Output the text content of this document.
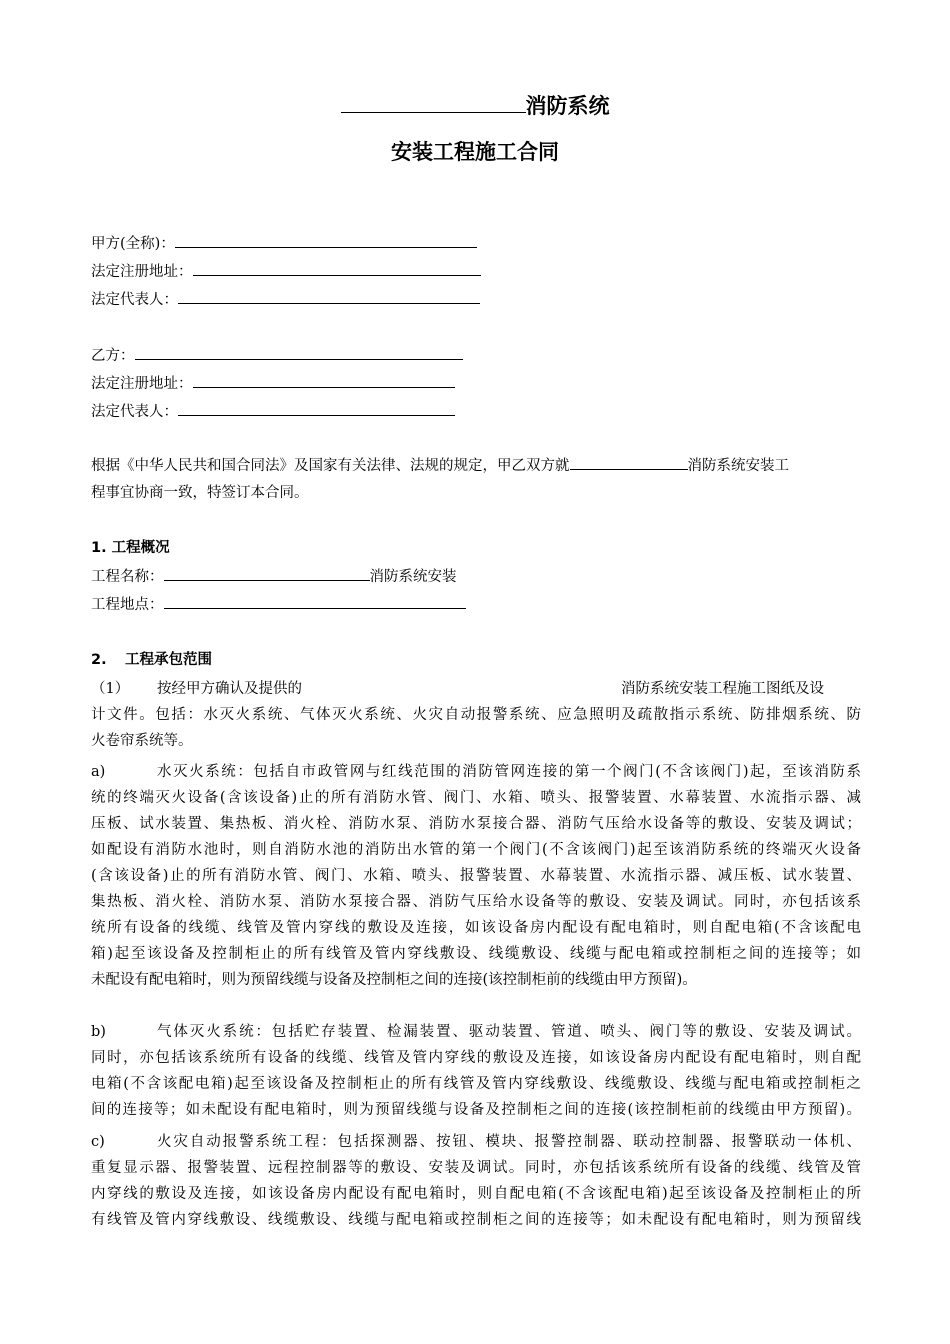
消防系统
安装工程施工合同
甲方(全称)：
法定注册地址：
法定代表人：
乙方：
法定注册地址：
法定代表人：
根据《中华人民共和国合同法》及国家有关法律、法规的规定，甲乙双方就	消防系统安装工
程事宜协商一致，特签订本合同。
1. 工程概况
工程名称：	消防系统安装
工程地点：
2. 工程承包范围
（1） 按经甲方确认及提供的	消防系统安装工程施工图纸及设
计文件。包括：水灭火系统、气体灭火系统、火灾自动报警系统、应急照明及疏散指示系统、防排烟系统、防
火卷帘系统等。
a)	水灭火系统：包括自市政管网与红线范围的消防管网连接的第一个阀门(不含该阀门)起，至该消防系
统的终端灭火设备(含该设备)止的所有消防水管、阀门、水箱、喷头、报警装置、水幕装置、水流指示器、减
压板、试水装置、集热板、消火栓、消防水泵、消防水泵接合器、消防气压给水设备等的敷设、安装及调试；
如配设有消防水池时，则自消防水池的消防出水管的第一个阀门(不含该阀门)起至该消防系统的终端灭火设备
(含该设备)止的所有消防水管、阀门、水箱、喷头、报警装置、水幕装置、水流指示器、减压板、试水装置、
集热板、消火栓、消防水泵、消防水泵接合器、消防气压给水设备等的敷设、安装及调试。同时，亦包括该系
统所有设备的线缆、线管及管内穿线的敷设及连接，如该设备房内配设有配电箱时，则自配电箱(不含该配电
箱)起至该设备及控制柜止的所有线管及管内穿线敷设、线缆敷设、线缆与配电箱或控制柜之间的连接等；如
未配设有配电箱时，则为预留线缆与设备及控制柜之间的连接(该控制柜前的线缆由甲方预留)。
b)	气体灭火系统：包括贮存装置、检漏装置、驱动装置、管道、喷头、阀门等的敷设、安装及调试。
同时，亦包括该系统所有设备的线缆、线管及管内穿线的敷设及连接，如该设备房内配设有配电箱时，则自配
电箱(不含该配电箱)起至该设备及控制柜止的所有线管及管内穿线敷设、线缆敷设、线缆与配电箱或控制柜之
间的连接等；如未配设有配电箱时，则为预留线缆与设备及控制柜之间的连接(该控制柜前的线缆由甲方预留)。
c)	火灾自动报警系统工程：包括探测器、按钮、模块、报警控制器、联动控制器、报警联动一体机、
重复显示器、报警装置、远程控制器等的敷设、安装及调试。同时，亦包括该系统所有设备的线缆、线管及管
内穿线的敷设及连接，如该设备房内配设有配电箱时，则自配电箱(不含该配电箱)起至该设备及控制柜止的所
有线管及管内穿线敷设、线缆敷设、线缆与配电箱或控制柜之间的连接等；如未配设有配电箱时，则为预留线
